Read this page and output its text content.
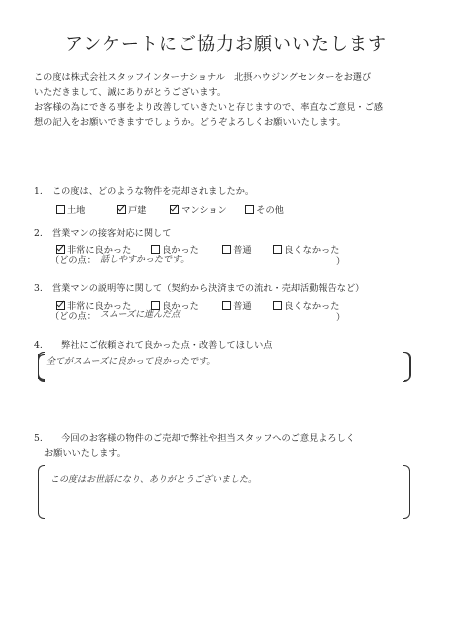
アンケートにご協力お願いいたします
この度は株式会社スタッフインターナショナル　北摂ハウジングセンターをお選び
いただきまして、誠にありがとうございます。
お客様の為にできる事をより改善していきたいと存じますので、率直なご意見・ご感
想の記入をお願いできますでしょうか。どうぞよろしくお願いいたします。
1.　この度は、どのような物件を売却されましたか。
土地	戸建	マンション	その他
2.　営業マンの接客対応に関して
非常に良かった	良かった	普通	良くなかった
（どの点： 話しやすかったです。	）
3.　営業マンの説明等に関して（契約から決済までの流れ・売却活動報告など）
非常に良かった	良かった	普通	良くなかった
（どの点： スムーズに進んだ点	）
4.　　弊社にご依頼されて良かった点・改善してほしい点
全てがスムーズに良かって良かったです。
5.　　今回のお客様の物件のご売却で弊社や担当スタッフへのご意見よろしく
お願いいたします。
この度はお世話になり、ありがとうございました。
